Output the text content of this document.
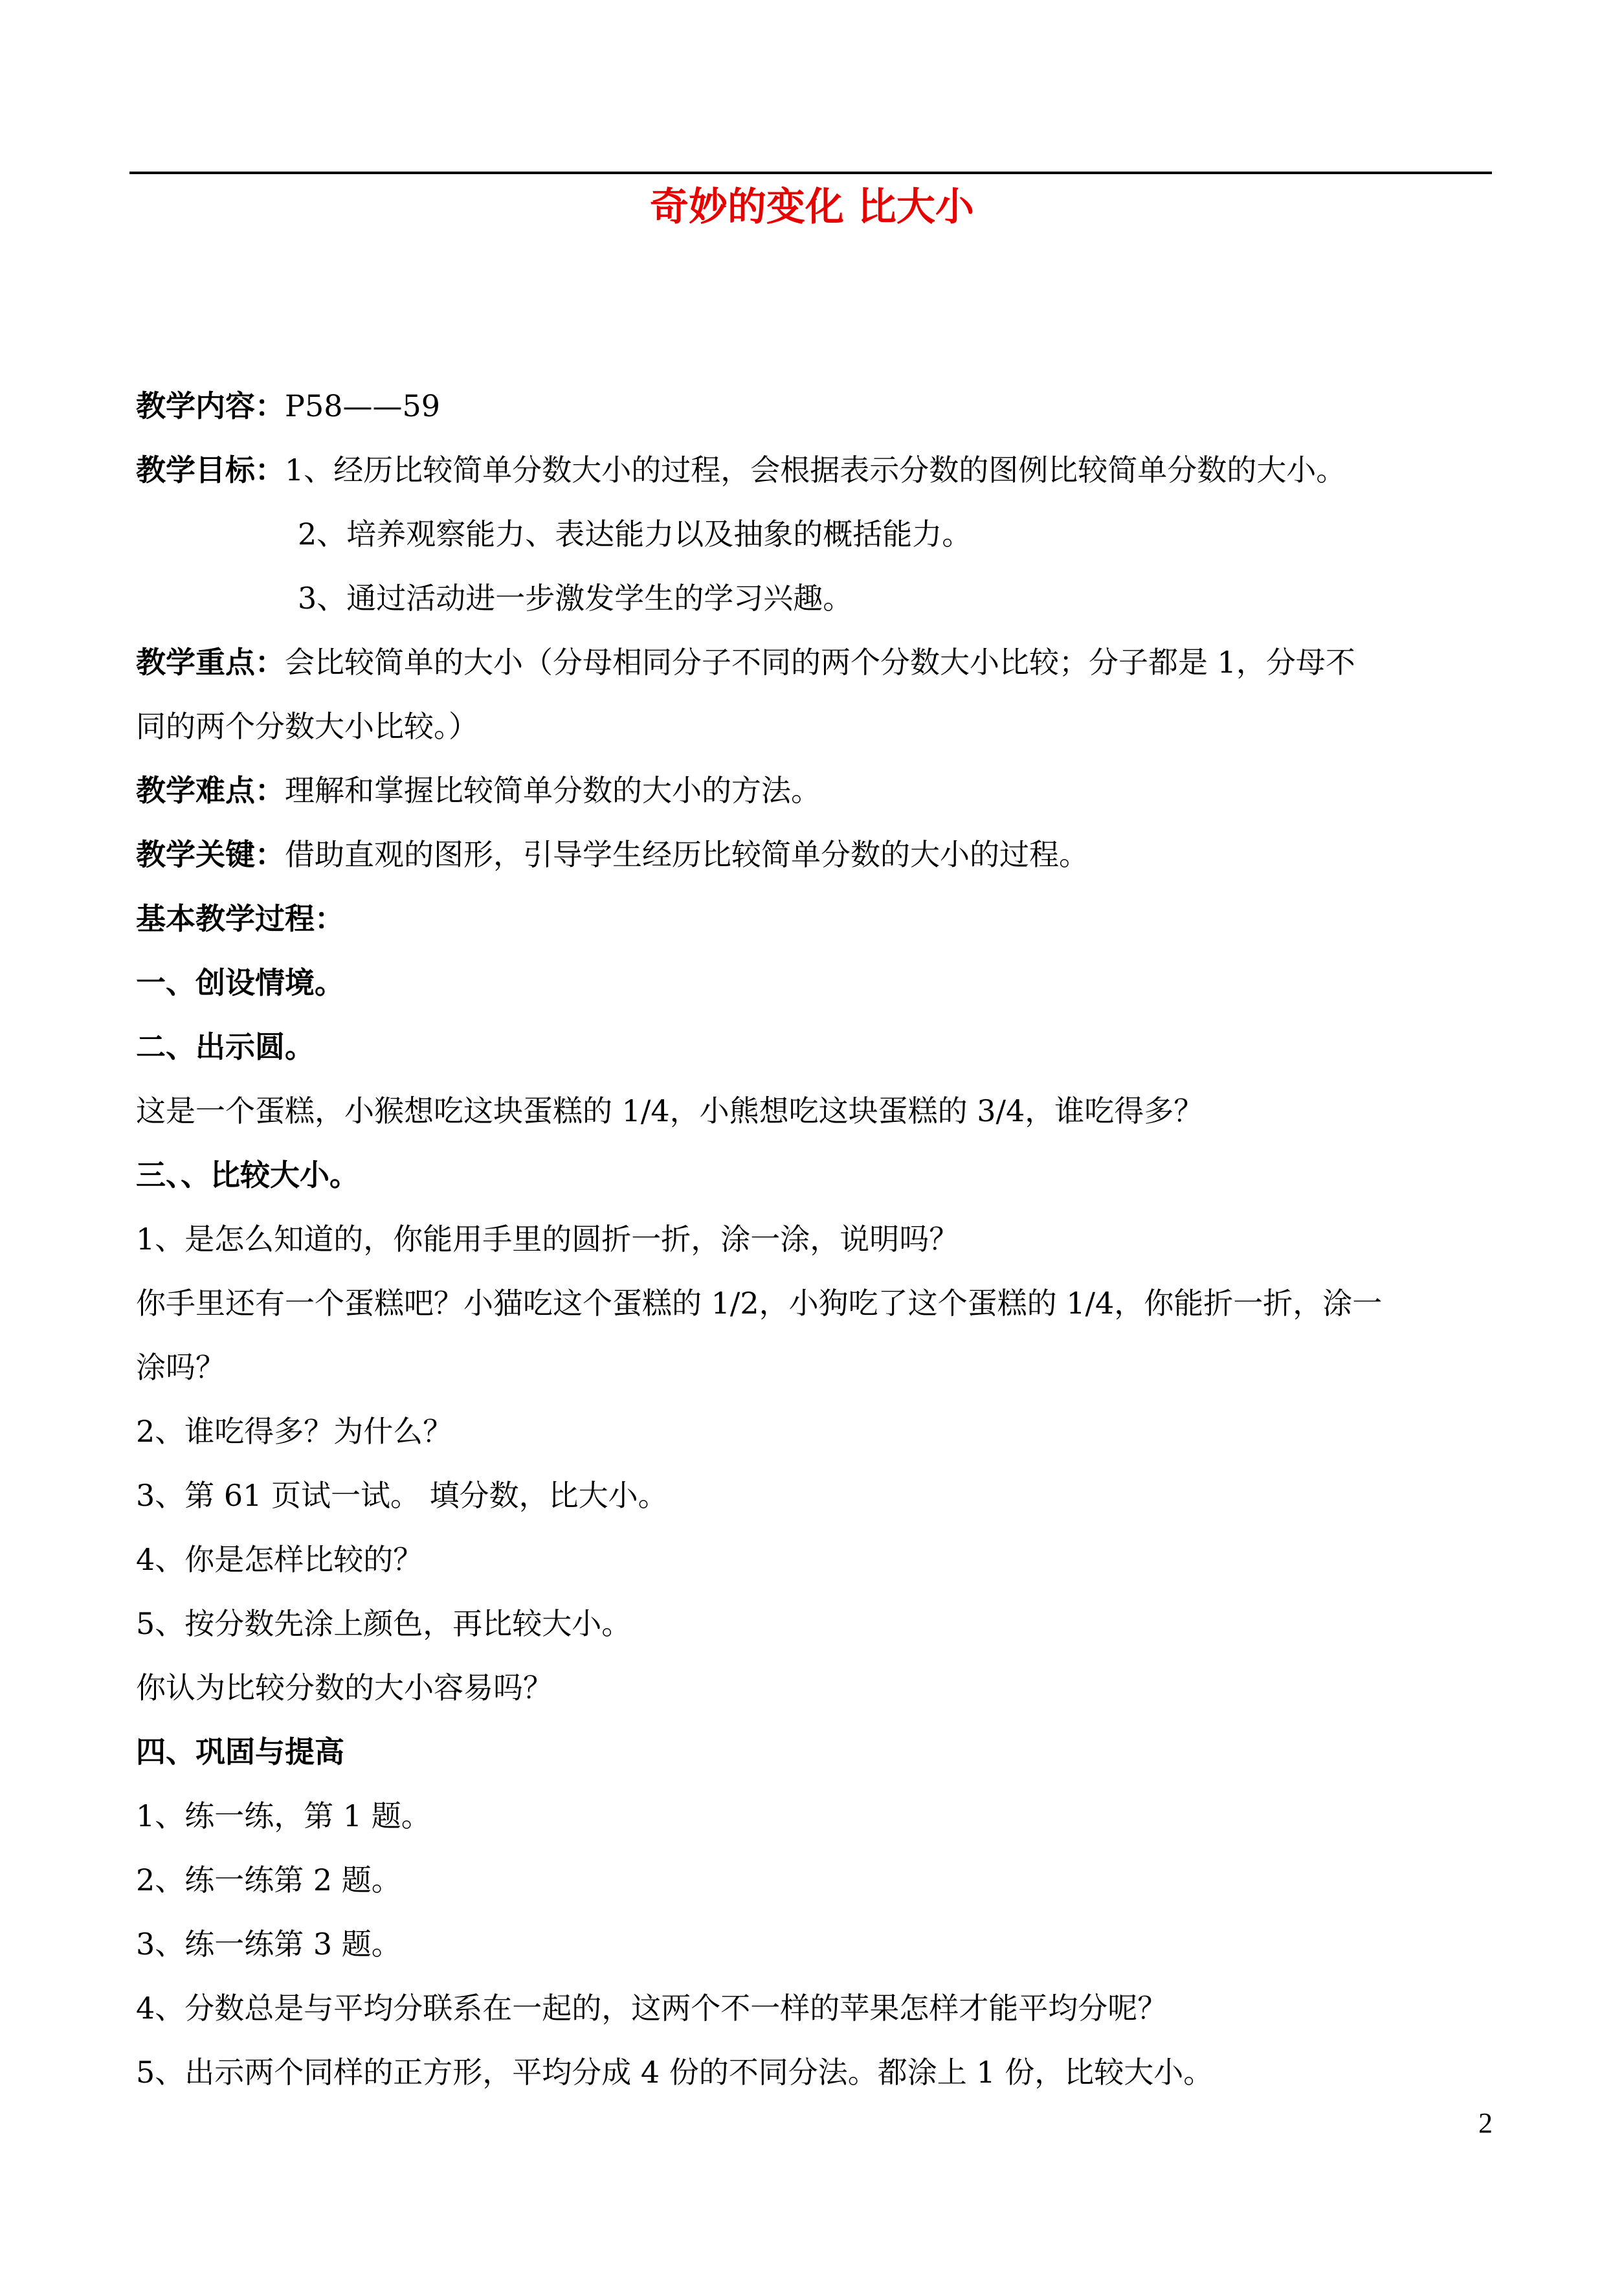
奇妙的变化 比大小
教学内容：P58——59
教学目标：1、经历比较简单分数大小的过程，会根据表示分数的图例比较简单分数的大小。
2、培养观察能力、表达能力以及抽象的概括能力。
3、通过活动进一步激发学生的学习兴趣。
教学重点：会比较简单的大小（分母相同分子不同的两个分数大小比较；分子都是 1，分母不
同的两个分数大小比较。）
教学难点：理解和掌握比较简单分数的大小的方法。
教学关键：借助直观的图形，引导学生经历比较简单分数的大小的过程。
基本教学过程：
一、创设情境。
二、出示圆。
这是一个蛋糕，小猴想吃这块蛋糕的 1/4，小熊想吃这块蛋糕的 3/4，谁吃得多？
三、、比较大小。
1、是怎么知道的，你能用手里的圆折一折，涂一涂，说明吗？
你手里还有一个蛋糕吧？小猫吃这个蛋糕的 1/2，小狗吃了这个蛋糕的 1/4，你能折一折，涂一
涂吗？
2、谁吃得多？为什么？
3、第 61 页试一试。 填分数，比大小。
4、你是怎样比较的？
5、按分数先涂上颜色，再比较大小。
你认为比较分数的大小容易吗？
四、巩固与提高
1、练一练，第 1 题。
2、练一练第 2 题。
3、练一练第 3 题。
4、分数总是与平均分联系在一起的，这两个不一样的苹果怎样才能平均分呢？
5、出示两个同样的正方形，平均分成 4 份的不同分法。都涂上 1 份，比较大小。
2
